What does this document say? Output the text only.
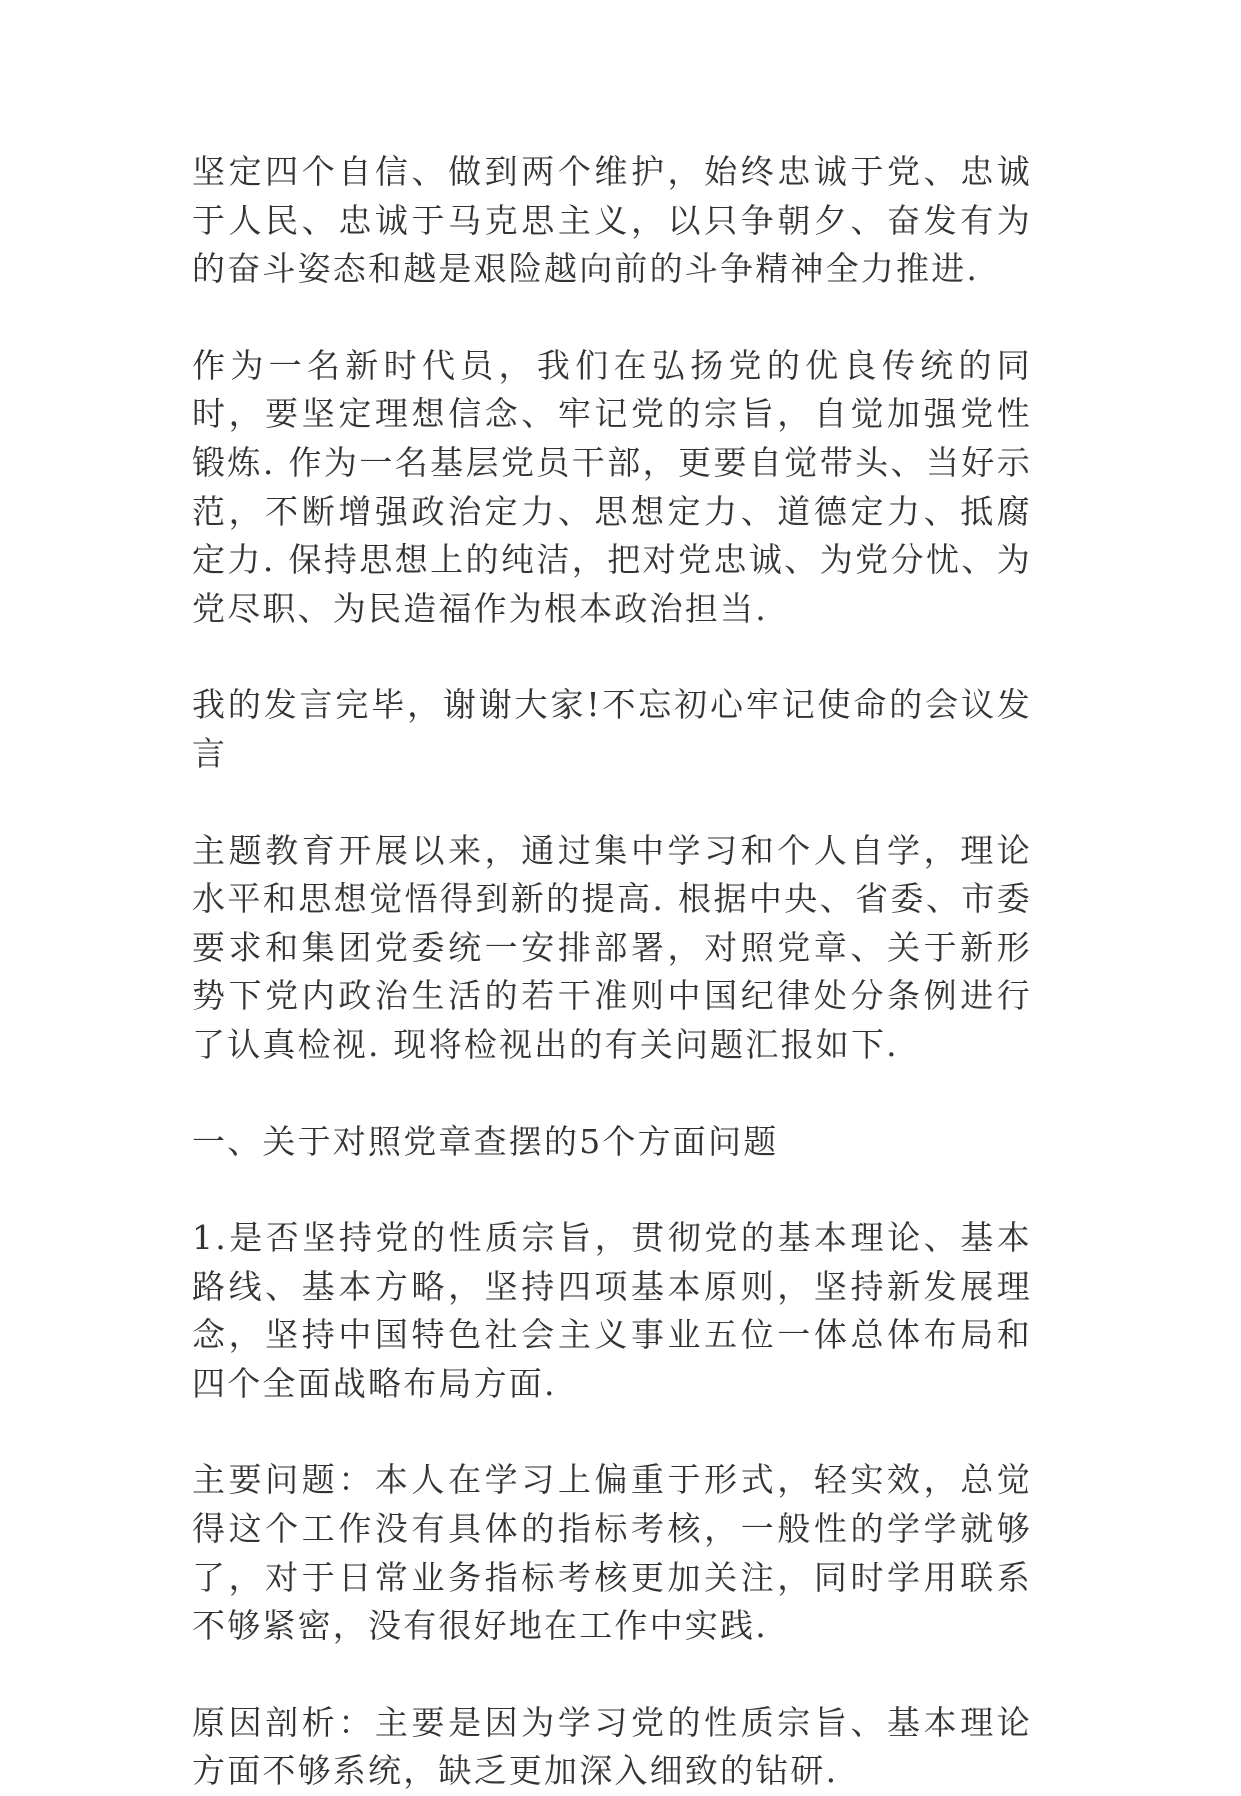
坚定四个自信、做到两个维护，始终忠诚于党、忠诚于人民、忠诚于马克思主义，以只争朝夕、奋发有为的奋斗姿态和越是艰险越向前的斗争精神全力推进.

作为一名新时代员，我们在弘扬党的优良传统的同时，要坚定理想信念、牢记党的宗旨，自觉加强党性锻炼. 作为一名基层党员干部，更要自觉带头、当好示范，不断增强政治定力、思想定力、道德定力、抵腐定力. 保持思想上的纯洁，把对党忠诚、为党分忧、为党尽职、为民造福作为根本政治担当.

我的发言完毕，谢谢大家!不忘初心牢记使命的会议发言

主题教育开展以来，通过集中学习和个人自学，理论水平和思想觉悟得到新的提高. 根据中央、省委、市委要求和集团党委统一安排部署，对照党章、关于新形势下党内政治生活的若干准则中国纪律处分条例进行了认真检视. 现将检视出的有关问题汇报如下.

一、关于对照党章查摆的5个方面问题

1.是否坚持党的性质宗旨，贯彻党的基本理论、基本路线、基本方略，坚持四项基本原则，坚持新发展理念，坚持中国特色社会主义事业五位一体总体布局和四个全面战略布局方面.

主要问题：本人在学习上偏重于形式，轻实效，总觉得这个工作没有具体的指标考核，一般性的学学就够了，对于日常业务指标考核更加关注，同时学用联系不够紧密，没有很好地在工作中实践.

原因剖析：主要是因为学习党的性质宗旨、基本理论方面不够系统，缺乏更加深入细致的钻研.
